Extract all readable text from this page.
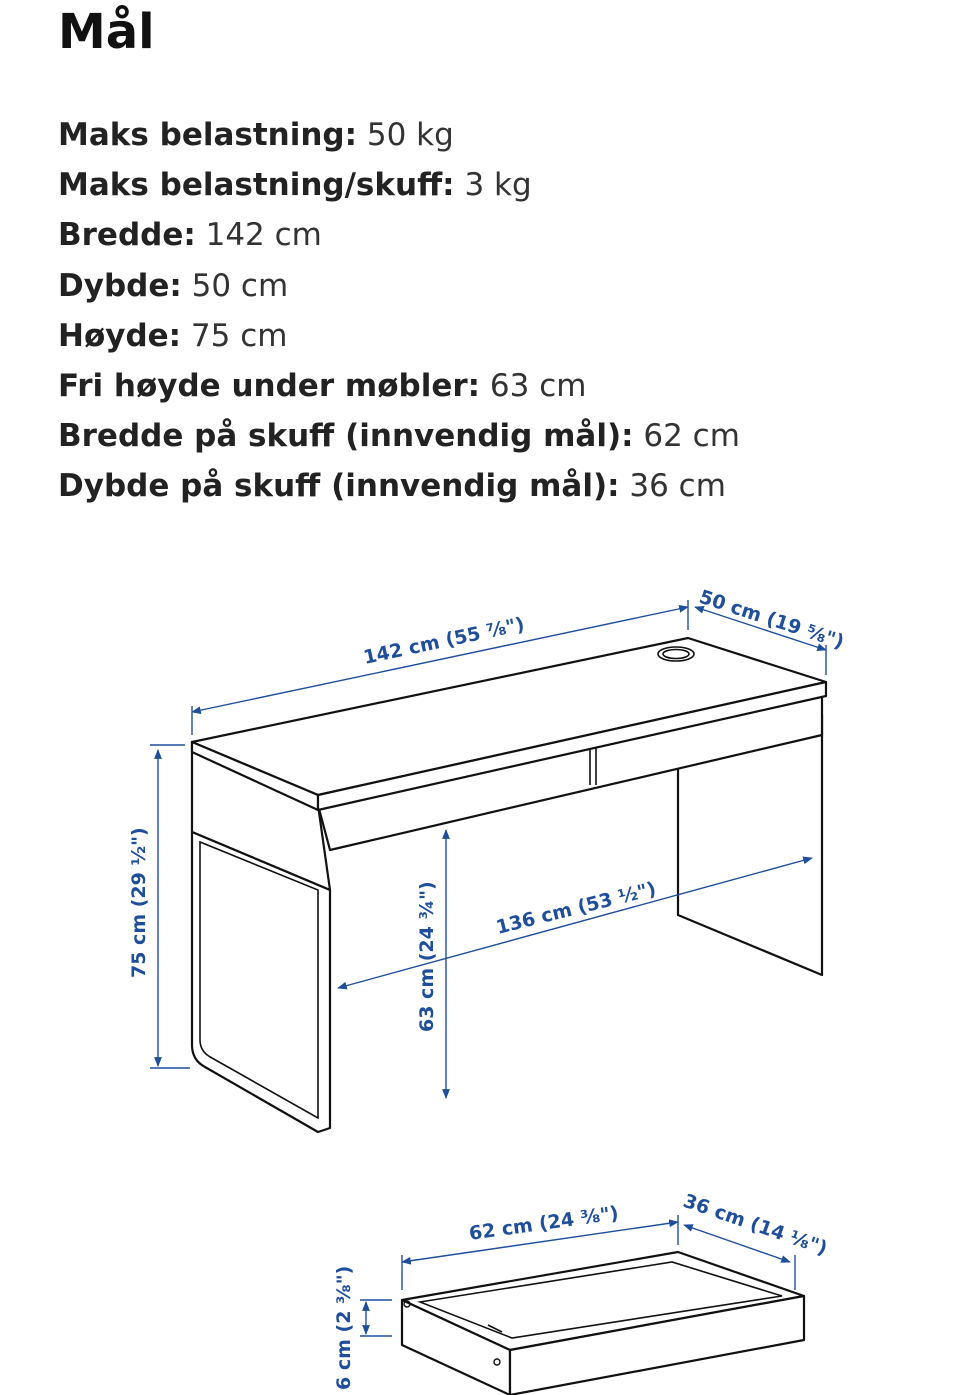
Mål
Maks belastning: 50 kg
Maks belastning/skuff: 3 kg
Bredde: 142 cm
Dybde: 50 cm
Høyde: 75 cm
Fri høyde under møbler: 63 cm
Bredde på skuff (innvendig mål): 62 cm
Dybde på skuff (innvendig mål): 36 cm
142 cm (55 ⅞")	50 cm (19 ⅝")
75 cm (29 ½")	63 cm (24 ¾")	136 cm (53 ½")
62 cm (24 ⅜")	36 cm (14 ⅛")
6 cm (2 ⅜")
